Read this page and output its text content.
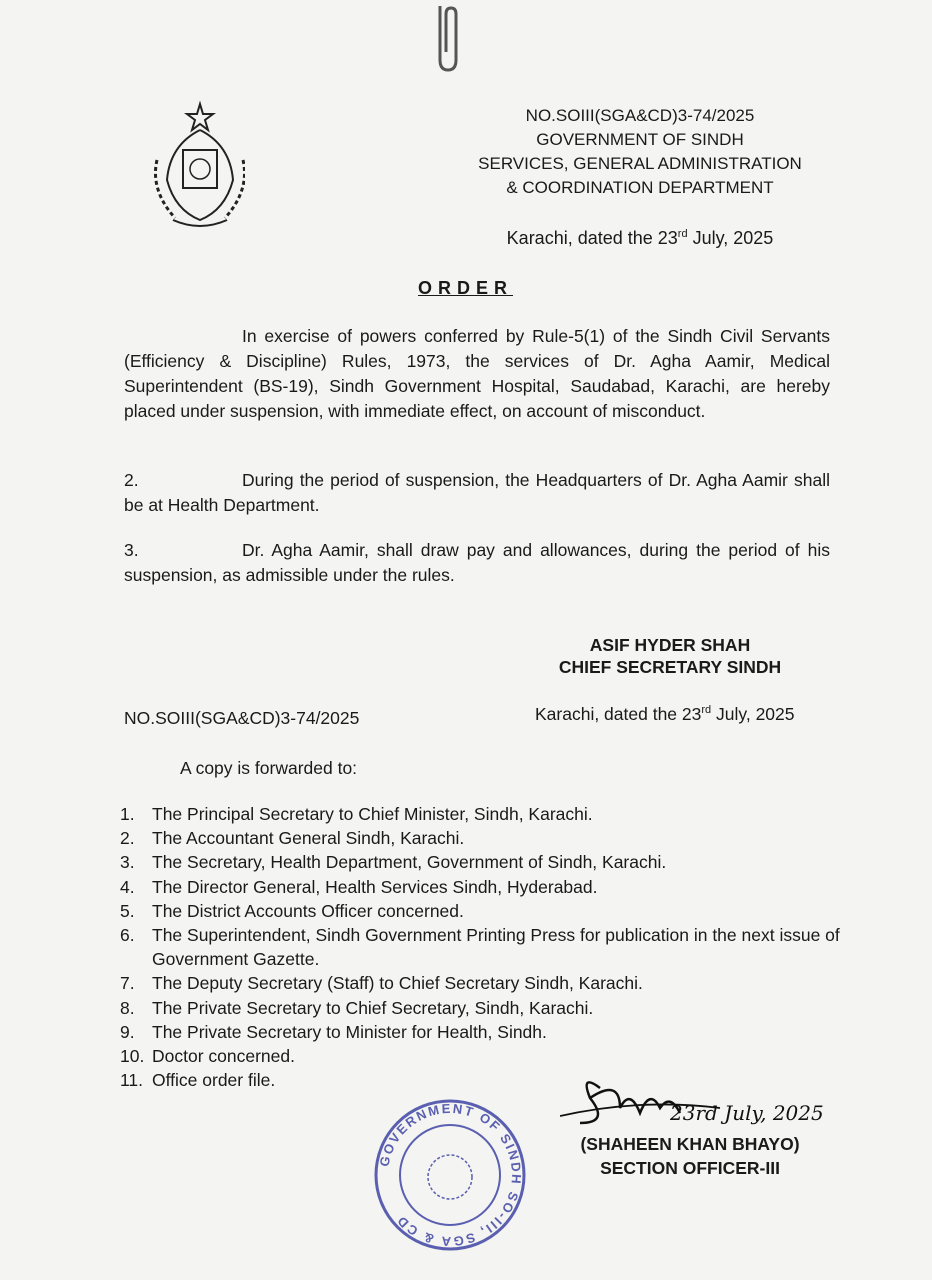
NO.SOIII(SGA&CD)3-74/2025
GOVERNMENT OF SINDH
SERVICES, GENERAL ADMINISTRATION
& COORDINATION DEPARTMENT
Karachi, dated the 23rd July, 2025
ORDER
In exercise of powers conferred by Rule-5(1) of the Sindh Civil Servants (Efficiency & Discipline) Rules, 1973, the services of Dr. Agha Aamir, Medical Superintendent (BS-19), Sindh Government Hospital, Saudabad, Karachi, are hereby placed under suspension, with immediate effect, on account of misconduct.
2.	During the period of suspension, the Headquarters of Dr. Agha Aamir shall be at Health Department.
3.	Dr. Agha Aamir, shall draw pay and allowances, during the period of his suspension, as admissible under the rules.
ASIF HYDER SHAH
CHIEF SECRETARY SINDH
NO.SOIII(SGA&CD)3-74/2025	Karachi, dated the 23rd July, 2025
A copy is forwarded to:
1. The Principal Secretary to Chief Minister, Sindh, Karachi.
2. The Accountant General Sindh, Karachi.
3. The Secretary, Health Department, Government of Sindh, Karachi.
4. The Director General, Health Services Sindh, Hyderabad.
5. The District Accounts Officer concerned.
6. The Superintendent, Sindh Government Printing Press for publication in the next issue of Government Gazette.
7. The Deputy Secretary (Staff) to Chief Secretary Sindh, Karachi.
8. The Private Secretary to Chief Secretary, Sindh, Karachi.
9. The Private Secretary to Minister for Health, Sindh.
10. Doctor concerned.
11. Office order file.
GOVERNMENT OF SINDH SO-III, SGA & CD
23rd July, 2025
(SHAHEEN KHAN BHAYO)
SECTION OFFICER-III
